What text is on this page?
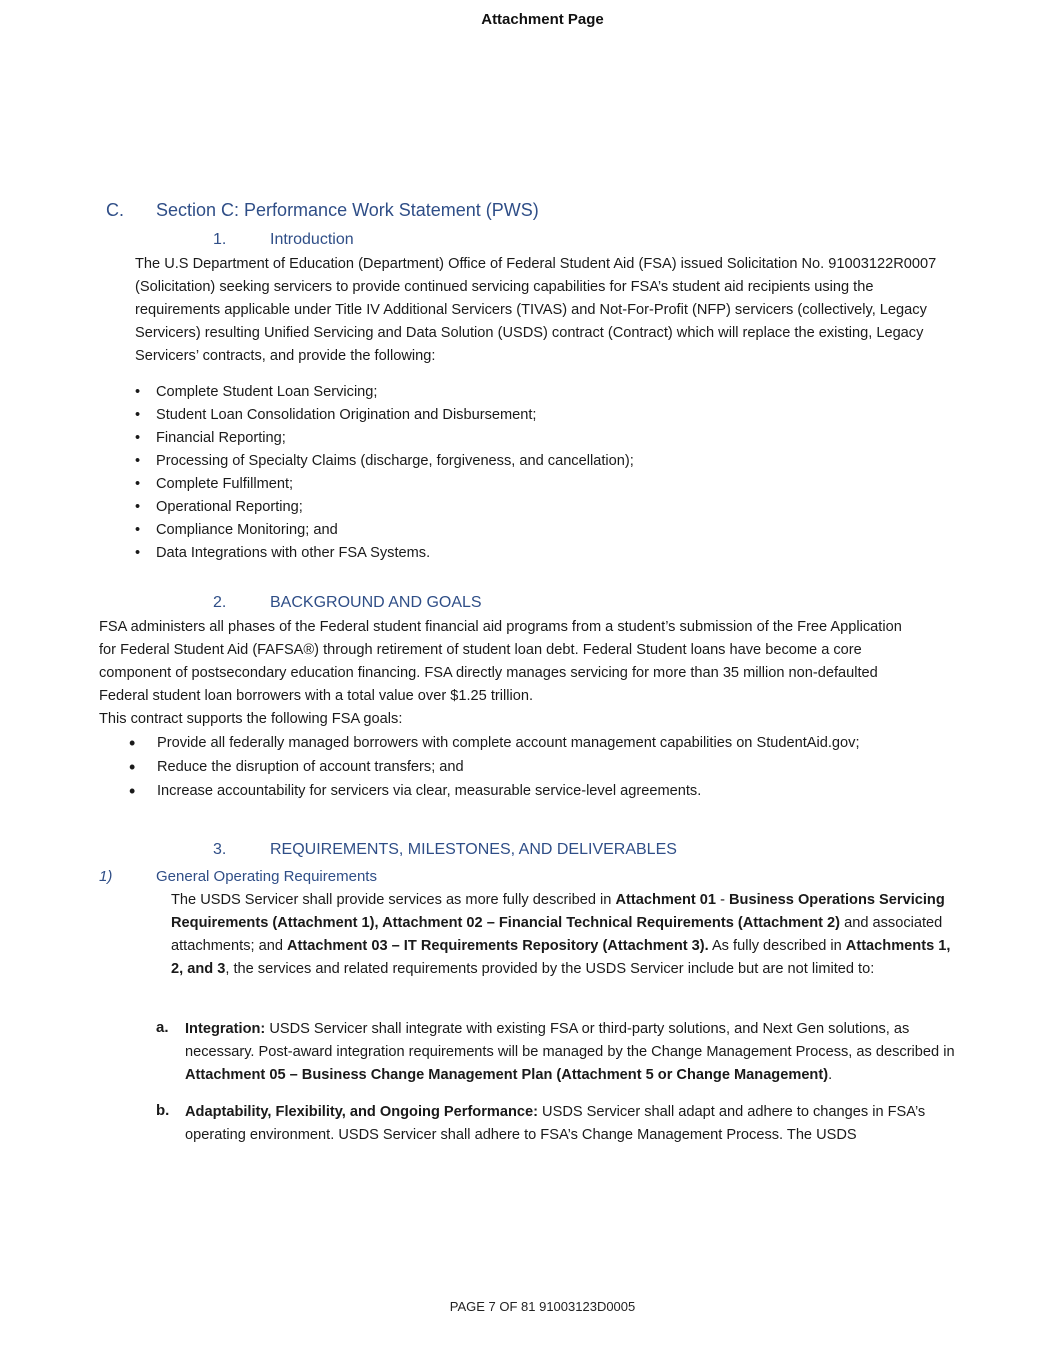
Attachment Page
C. Section C: Performance Work Statement (PWS)
1.	Introduction
The U.S Department of Education (Department) Office of Federal Student Aid (FSA) issued Solicitation No. 91003122R0007 (Solicitation) seeking servicers to provide continued servicing capabilities for FSA’s student aid recipients using the requirements applicable under Title IV Additional Servicers (TIVAS) and Not-For-Profit (NFP) servicers (collectively, Legacy Servicers) resulting Unified Servicing and Data Solution (USDS) contract (Contract) which will replace the existing, Legacy Servicers’ contracts, and provide the following:
• Complete Student Loan Servicing;
• Student Loan Consolidation Origination and Disbursement;
• Financial Reporting;
• Processing of Specialty Claims (discharge, forgiveness, and cancellation);
• Complete Fulfillment;
• Operational Reporting;
• Compliance Monitoring; and
• Data Integrations with other FSA Systems.
2.	BACKGROUND AND GOALS
FSA administers all phases of the Federal student financial aid programs from a student’s submission of the Free Application for Federal Student Aid (FAFSA®) through retirement of student loan debt. Federal Student loans have become a core component of postsecondary education financing. FSA directly manages servicing for more than 35 million non-defaulted Federal student loan borrowers with a total value over $1.25 trillion.
This contract supports the following FSA goals:
• Provide all federally managed borrowers with complete account management capabilities on StudentAid.gov;
• Reduce the disruption of account transfers; and
• Increase accountability for servicers via clear, measurable service-level agreements.
3.	REQUIREMENTS, MILESTONES, AND DELIVERABLES
1)	General Operating Requirements
The USDS Servicer shall provide services as more fully described in Attachment 01 - Business Operations Servicing Requirements (Attachment 1), Attachment 02 – Financial Technical Requirements (Attachment 2) and associated attachments; and Attachment 03 – IT Requirements Repository (Attachment 3). As fully described in Attachments 1, 2, and 3, the services and related requirements provided by the USDS Servicer include but are not limited to:
a. Integration: USDS Servicer shall integrate with existing FSA or third-party solutions, and Next Gen solutions, as necessary. Post-award integration requirements will be managed by the Change Management Process, as described in Attachment 05 – Business Change Management Plan (Attachment 5 or Change Management).
b. Adaptability, Flexibility, and Ongoing Performance: USDS Servicer shall adapt and adhere to changes in FSA’s operating environment. USDS Servicer shall adhere to FSA’s Change Management Process. The USDS
PAGE 7 OF 81 91003123D0005
